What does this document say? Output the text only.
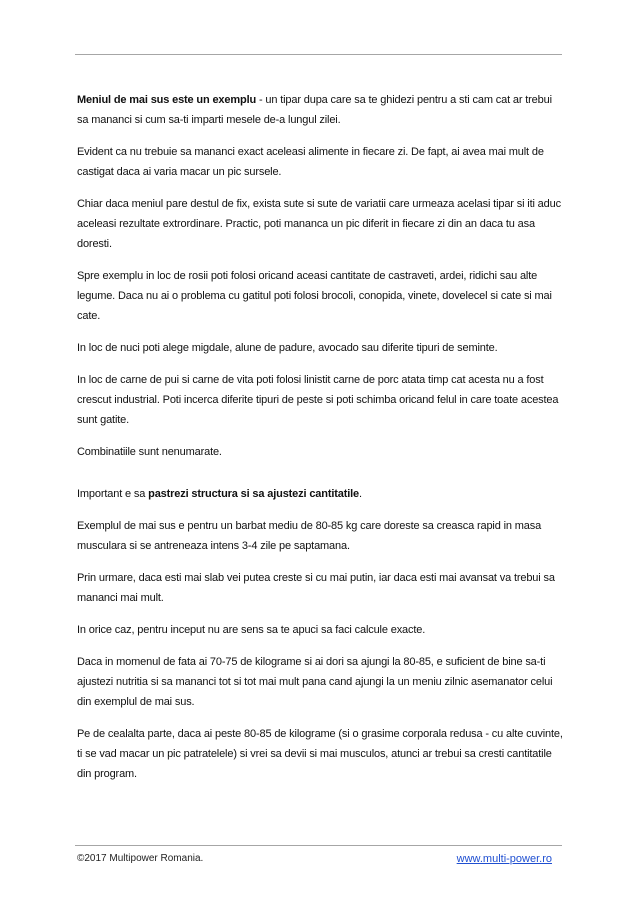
Meniul de mai sus este un exemplu - un tipar dupa care sa te ghidezi pentru a sti cam cat ar trebui sa mananci si cum sa-ti imparti mesele de-a lungul zilei.

Evident ca nu trebuie sa mananci exact aceleasi alimente in fiecare zi. De fapt, ai avea mai mult de castigat daca ai varia macar un pic sursele.

Chiar daca meniul pare destul de fix, exista sute si sute de variatii care urmeaza acelasi tipar si iti aduc aceleasi rezultate extrordinare. Practic, poti mananca un pic diferit in fiecare zi din an daca tu asa doresti.

Spre exemplu in loc de rosii poti folosi oricand aceasi cantitate de castraveti, ardei, ridichi sau alte legume. Daca nu ai o problema cu gatitul poti folosi brocoli, conopida, vinete, dovelecel si cate si mai cate.

In loc de nuci poti alege migdale, alune de padure, avocado sau diferite tipuri de seminte.

In loc de carne de pui si carne de vita poti folosi linistit carne de porc atata timp cat acesta nu a fost crescut industrial. Poti incerca diferite tipuri de peste si poti schimba oricand felul in care toate acestea sunt gatite.

Combinatiile sunt nenumarate.

Important e sa pastrezi structura si sa ajustezi cantitatile.

Exemplul de mai sus e pentru un barbat mediu de 80-85 kg care doreste sa creasca rapid in masa musculara si se antreneaza intens 3-4 zile pe saptamana.

Prin urmare, daca esti mai slab vei putea creste si cu mai putin, iar daca esti mai avansat va trebui sa mananci mai mult.

In orice caz, pentru inceput nu are sens sa te apuci sa faci calcule exacte.

Daca in momenul de fata ai 70-75 de kilograme si ai dori sa ajungi la 80-85, e suficient de bine sa-ti ajustezi nutritia si sa mananci tot si tot mai mult pana cand ajungi la un meniu zilnic asemanator celui din exemplul de mai sus.

Pe de cealalta parte, daca ai peste 80-85 de kilograme (si o grasime corporala redusa - cu alte cuvinte, ti se vad macar un pic patratelele) si vrei sa devii si mai musculos, atunci ar trebui sa cresti cantitatile din program.

©2017 Multipower Romania.	www.multi-power.ro
